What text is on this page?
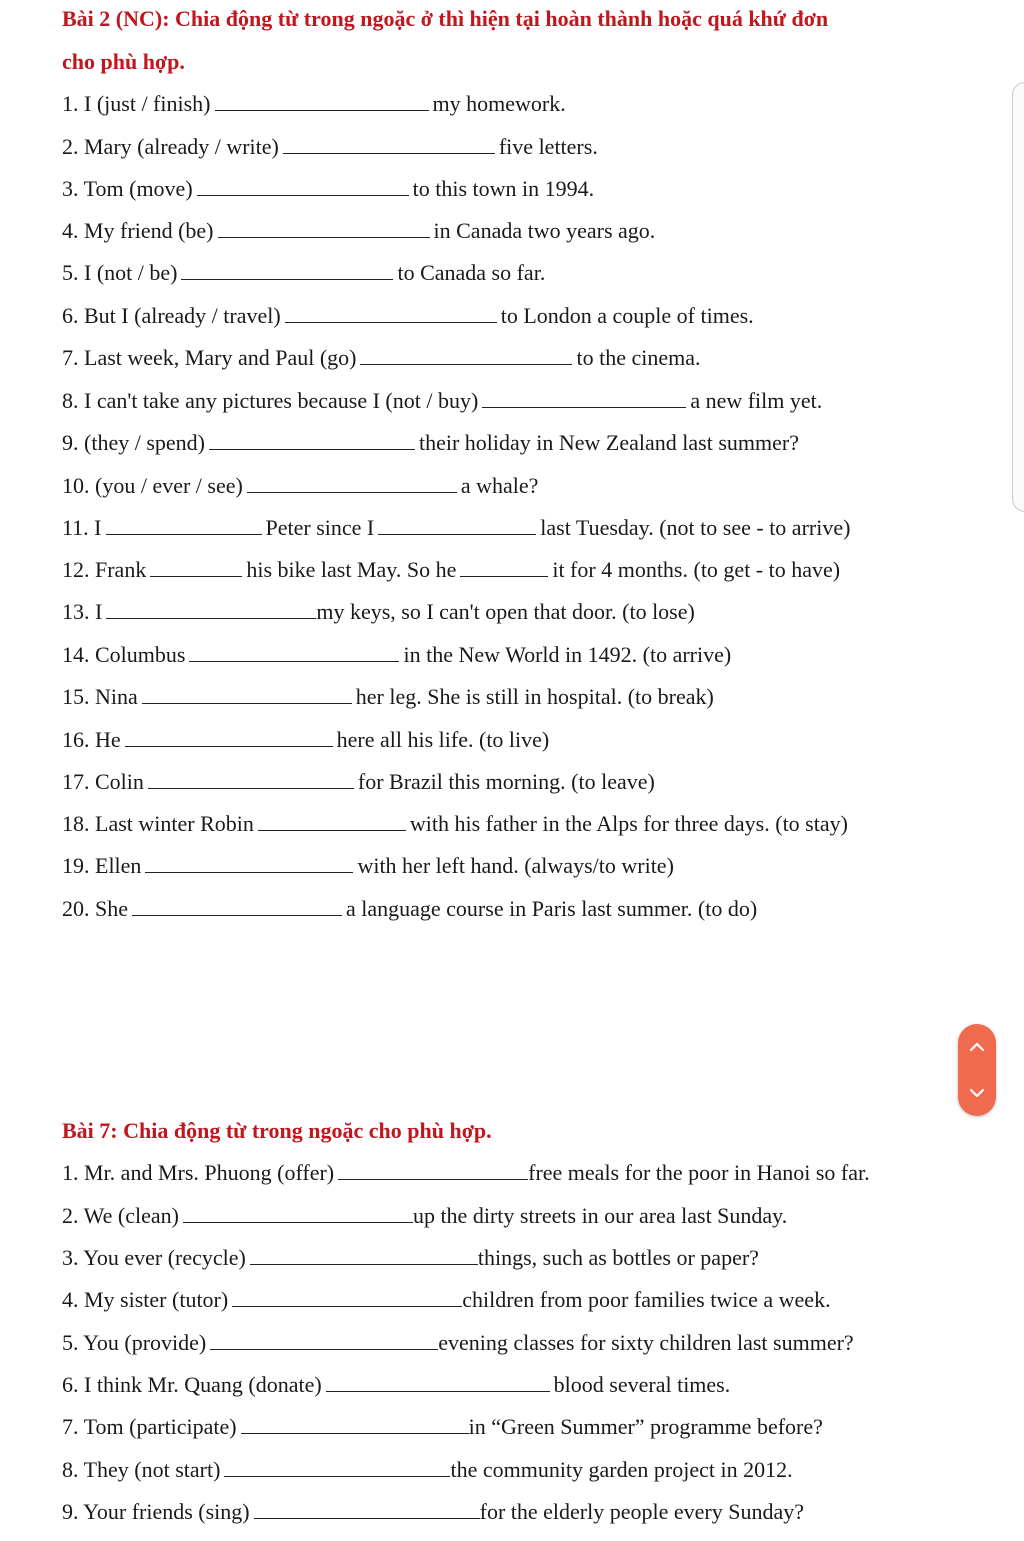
Bài 2 (NC): Chia động từ trong ngoặc ở thì hiện tại hoàn thành hoặc quá khứ đơn
cho phù hợp.
1. I (just / finish)	my homework.
2. Mary (already / write)	five letters.
3. Tom (move)	to this town in 1994.
4. My friend (be)	in Canada two years ago.
5. I (not / be)	to Canada so far.
6. But I (already / travel)	to London a couple of times.
7. Last week, Mary and Paul (go)	to the cinema.
8. I can't take any pictures because I (not / buy)	a new film yet.
9. (they / spend)	their holiday in New Zealand last summer?
10. (you / ever / see)	a whale?
11. I	Peter since I	last Tuesday. (not to see - to arrive)
12. Frank	his bike last May. So he	it for 4 months. (to get - to have)
13. I	my keys, so I can't open that door. (to lose)
14. Columbus	in the New World in 1492. (to arrive)
15. Nina	her leg. She is still in hospital. (to break)
16. He	here all his life. (to live)
17. Colin	for Brazil this morning. (to leave)
18. Last winter Robin	with his father in the Alps for three days. (to stay)
19. Ellen	with her left hand. (always/to write)
20. She	a language course in Paris last summer. (to do)
Bài 7: Chia động từ trong ngoặc cho phù hợp.
1. Mr. and Mrs. Phuong (offer)	free meals for the poor in Hanoi so far.
2. We (clean)	up the dirty streets in our area last Sunday.
3. You ever (recycle)	things, such as bottles or paper?
4. My sister (tutor)	children from poor families twice a week.
5. You (provide)	evening classes for sixty children last summer?
6. I think Mr. Quang (donate)	blood several times.
7. Tom (participate)	in “Green Summer” programme before?
8. They (not start)	the community garden project in 2012.
9. Your friends (sing)	for the elderly people every Sunday?
